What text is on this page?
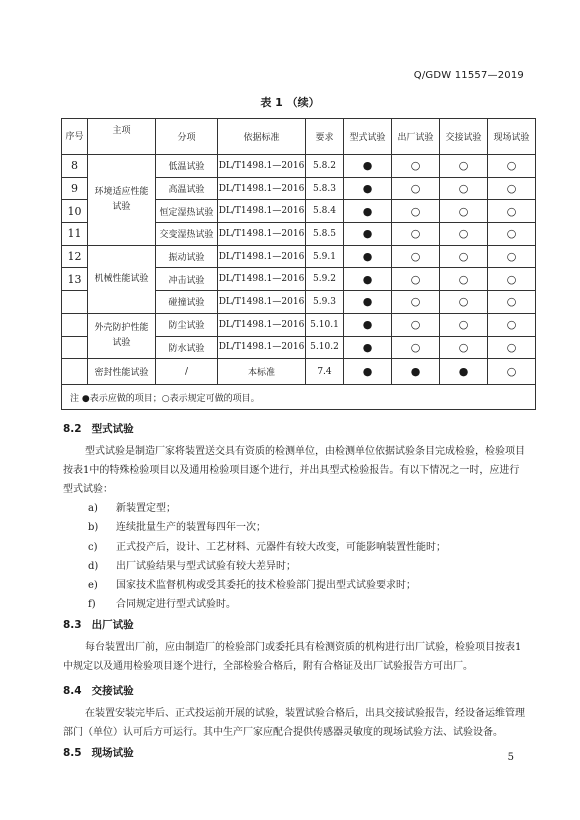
Q/GDW 11557—2019
表 1 （续）
序号	主项	分项	依据标准	要求	型式试验	出厂试验	交接试验	现场试验
8	环境适应性能试验	低温试验	DL/T1498.1—2016	5.8.2	●	○	○	○
9		高温试验	DL/T1498.1—2016	5.8.3	●	○	○	○
10		恒定湿热试验	DL/T1498.1—2016	5.8.4	●	○	○	○
11		交变湿热试验	DL/T1498.1—2016	5.8.5	●	○	○	○
12	机械性能试验	振动试验	DL/T1498.1—2016	5.9.1	●	○	○	○
13		冲击试验	DL/T1498.1—2016	5.9.2	●	○	○	○
		碰撞试验	DL/T1498.1—2016	5.9.3	●	○	○	○
	外壳防护性能试验	防尘试验	DL/T1498.1—2016	5.10.1	●	○	○	○
		防水试验	DL/T1498.1—2016	5.10.2	●	○	○	○
	密封性能试验	/	本标准	7.4	●	●	●	○
注 ●表示应做的项目；○表示规定可做的项目。								
8.2 型式试验
型式试验是制造厂家将装置送交具有资质的检测单位，由检测单位依据试验条目完成检验，检验项目按表1中的特殊检验项目以及通用检验项目逐个进行，并出具型式检验报告。有以下情况之一时，应进行型式试验：
a) 新装置定型；
b) 连续批量生产的装置每四年一次；
c) 正式投产后，设计、工艺材料、元器件有较大改变，可能影响装置性能时；
d) 出厂试验结果与型式试验有较大差异时；
e) 国家技术监督机构或受其委托的技术检验部门提出型式试验要求时；
f) 合同规定进行型式试验时。
8.3 出厂试验
每台装置出厂前，应由制造厂的检验部门或委托具有检测资质的机构进行出厂试验，检验项目按表1中规定以及通用检验项目逐个进行，全部检验合格后，附有合格证及出厂试验报告方可出厂。
8.4 交接试验
在装置安装完毕后、正式投运前开展的试验，装置试验合格后，出具交接试验报告，经设备运维管理部门（单位）认可后方可运行。其中生产厂家应配合提供传感器灵敏度的现场试验方法、试验设备。
8.5 现场试验	5
